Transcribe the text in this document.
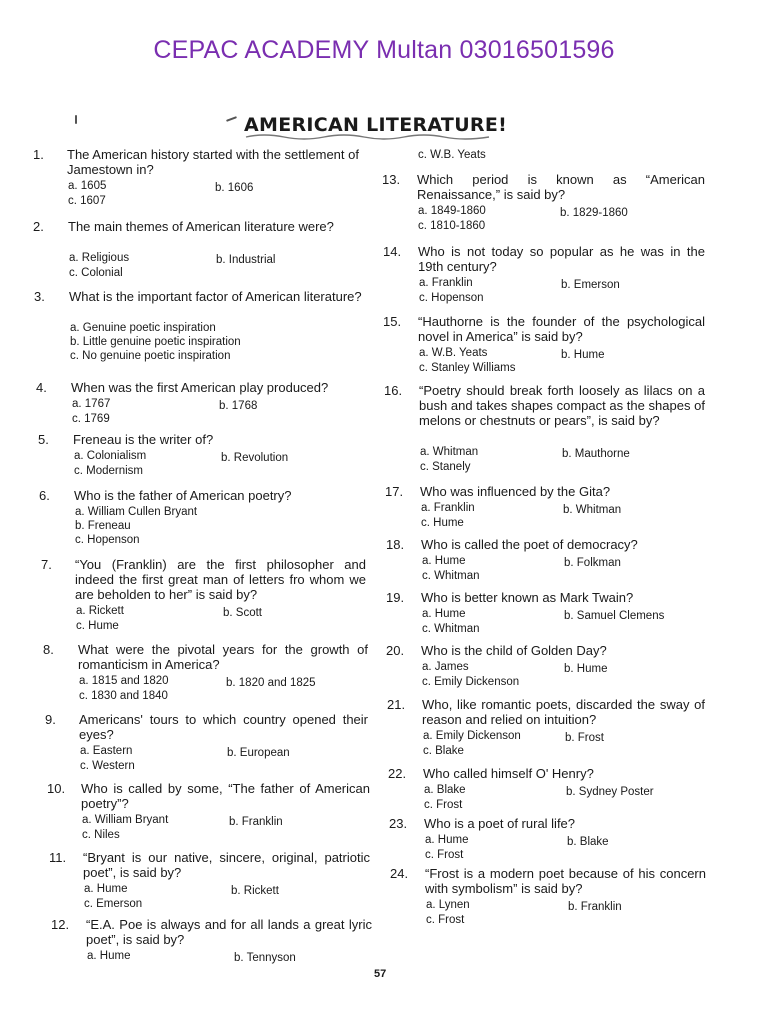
CEPAC ACADEMY Multan 03016501596
AMERICAN LITERATURE!
57
1. The American history started with the settlement of Jamestown in?
a. 1605	b. 1606
c. 1607
2. The main themes of American literature were?
a. Religious	b. Industrial
c. Colonial
3. What is the important factor of American literature?
a. Genuine poetic inspiration
b. Little genuine poetic inspiration
c. No genuine poetic inspiration
4. When was the first American play produced?
a. 1767	b. 1768
c. 1769
5. Freneau is the writer of?
a. Colonialism	b. Revolution
c. Modernism
6. Who is the father of American poetry?
a. William Cullen Bryant
b. Freneau
c. Hopenson
7. “You (Franklin) are the first philosopher and indeed the first great man of letters fro whom we are beholden to her” is said by?
a. Rickett	b. Scott
c. Hume
8. What were the pivotal years for the growth of romanticism in America?
a. 1815 and 1820	b. 1820 and 1825
c. 1830 and 1840
9. Americans' tours to which country opened their eyes?
a. Eastern	b. European
c. Western
10. Who is called by some, “The father of American poetry”?
a. William Bryant	b. Franklin
c. Niles
11. “Bryant is our native, sincere, original, patriotic poet”, is said by?
a. Hume	b. Rickett
c. Emerson
12. “E.A. Poe is always and for all lands a great lyric poet”, is said by?
a. Hume	b. Tennyson
c. W.B. Yeats
13. Which period is known as “American Renaissance,” is said by?
a. 1849-1860	b. 1829-1860
c. 1810-1860
14. Who is not today so popular as he was in the 19th century?
a. Franklin	b. Emerson
c. Hopenson
15. “Hauthorne is the founder of the psychological novel in America” is said by?
a. W.B. Yeats	b. Hume
c. Stanley Williams
16. “Poetry should break forth loosely as lilacs on a bush and takes shapes compact as the shapes of melons or chestnuts or pears”, is said by?
a. Whitman	b. Mauthorne
c. Stanely
17. Who was influenced by the Gita?
a. Franklin	b. Whitman
c. Hume
18. Who is called the poet of democracy?
a. Hume	b. Folkman
c. Whitman
19. Who is better known as Mark Twain?
a. Hume	b. Samuel Clemens
c. Whitman
20. Who is the child of Golden Day?
a. James	b. Hume
c. Emily Dickenson
21. Who, like romantic poets, discarded the sway of reason and relied on intuition?
a. Emily Dickenson	b. Frost
c. Blake
22. Who called himself O' Henry?
a. Blake	b. Sydney Poster
c. Frost
23. Who is a poet of rural life?
a. Hume	b. Blake
c. Frost
24. “Frost is a modern poet because of his concern with symbolism” is said by?
a. Lynen	b. Franklin
c. Frost
